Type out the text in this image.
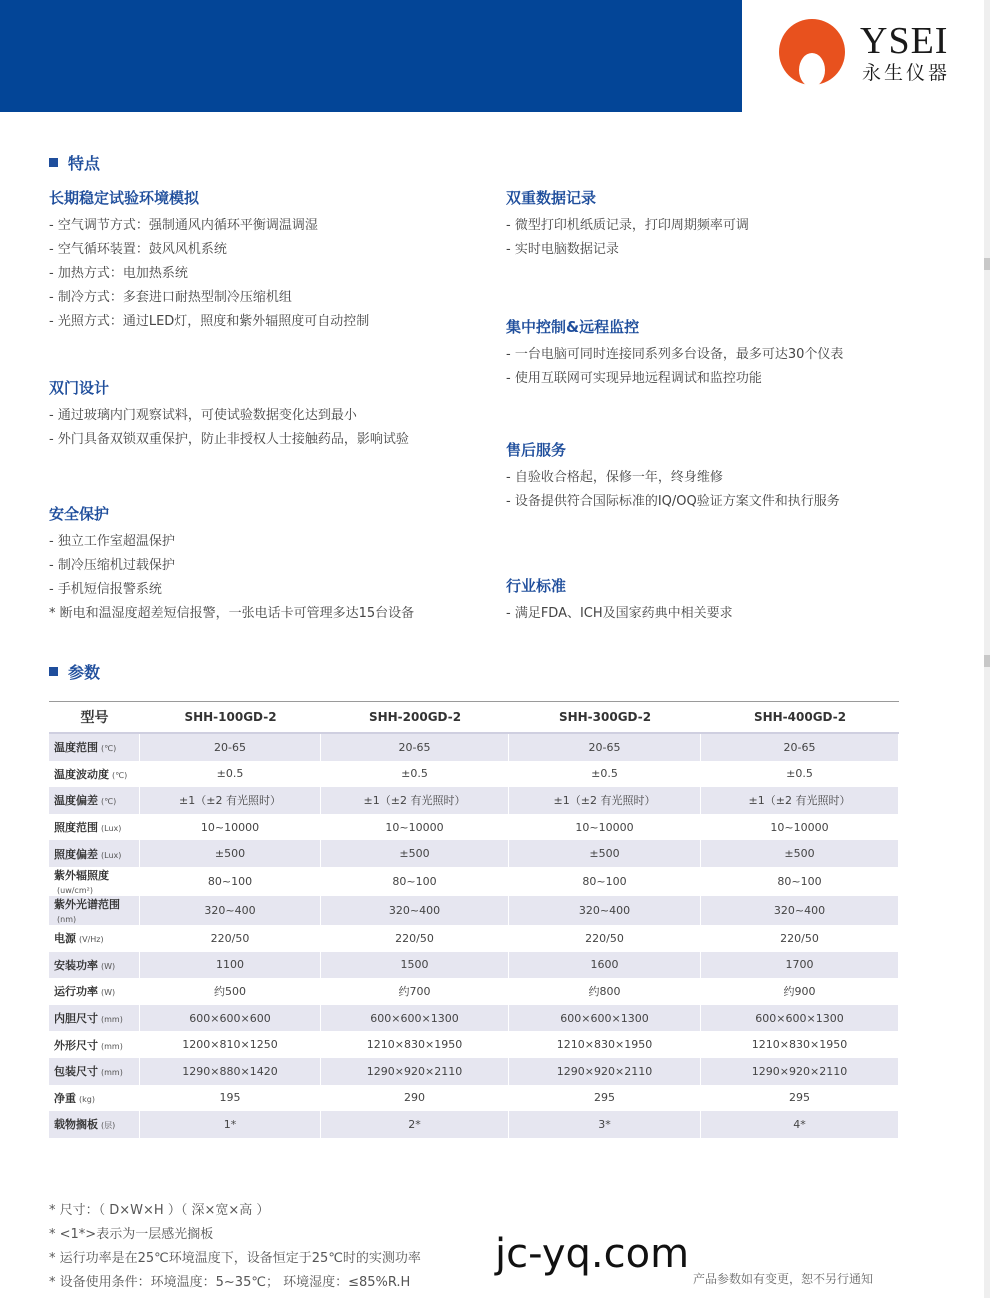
YSEI
永生仪器
特点
长期稳定试验环境模拟
- 空气调节方式：强制通风内循环平衡调温调湿
- 空气循环装置：鼓风风机系统
- 加热方式：电加热系统
- 制冷方式：多套进口耐热型制冷压缩机组
- 光照方式：通过LED灯，照度和紫外辐照度可自动控制
双门设计
- 通过玻璃内门观察试料，可使试验数据变化达到最小
- 外门具备双锁双重保护，防止非授权人士接触药品，影响试验
安全保护
- 独立工作室超温保护
- 制冷压缩机过载保护
- 手机短信报警系统
* 断电和温湿度超差短信报警，一张电话卡可管理多达15台设备
双重数据记录
- 微型打印机纸质记录，打印周期频率可调
- 实时电脑数据记录
集中控制&远程监控
- 一台电脑可同时连接同系列多台设备，最多可达30个仪表
- 使用互联网可实现异地远程调试和监控功能
售后服务
- 自验收合格起，保修一年，终身维修
- 设备提供符合国际标准的IQ/OQ验证方案文件和执行服务
行业标准
- 满足FDA、ICH及国家药典中相关要求
参数
型号	SHH-100GD-2	SHH-200GD-2	SHH-300GD-2	SHH-400GD-2
温度范围 (℃)	20-65	20-65	20-65	20-65
温度波动度 (℃)	±0.5	±0.5	±0.5	±0.5
温度偏差 (℃)	±1（±2 有光照时）	±1（±2 有光照时）	±1（±2 有光照时）	±1（±2 有光照时）
照度范围 (Lux)	10~10000	10~10000	10~10000	10~10000
照度偏差 (Lux)	±500	±500	±500	±500
紫外辐照度(uw/cm²)	80~100	80~100	80~100	80~100
紫外光谱范围(nm)	320~400	320~400	320~400	320~400
电源 (V/Hz)	220/50	220/50	220/50	220/50
安装功率 (W)	1100	1500	1600	1700
运行功率 (W)	约500	约700	约800	约900
内胆尺寸 (mm)	600×600×600	600×600×1300	600×600×1300	600×600×1300
外形尺寸 (mm)	1200×810×1250	1210×830×1950	1210×830×1950	1210×830×1950
包装尺寸 (mm)	1290×880×1420	1290×920×2110	1290×920×2110	1290×920×2110
净重 (kg)	195	290	295	295
载物搁板 (层)	1*	2*	3*	4*
* 尺寸：（ D×W×H ）（ 深×宽×高 ）
* <1*>表示为一层感光搁板
* 运行功率是在25℃环境温度下，设备恒定于25℃时的实测功率
* 设备使用条件：环境温度：5~35℃； 环境湿度：≤85%R.H
jc-yq.com
产品参数如有变更，恕不另行通知
